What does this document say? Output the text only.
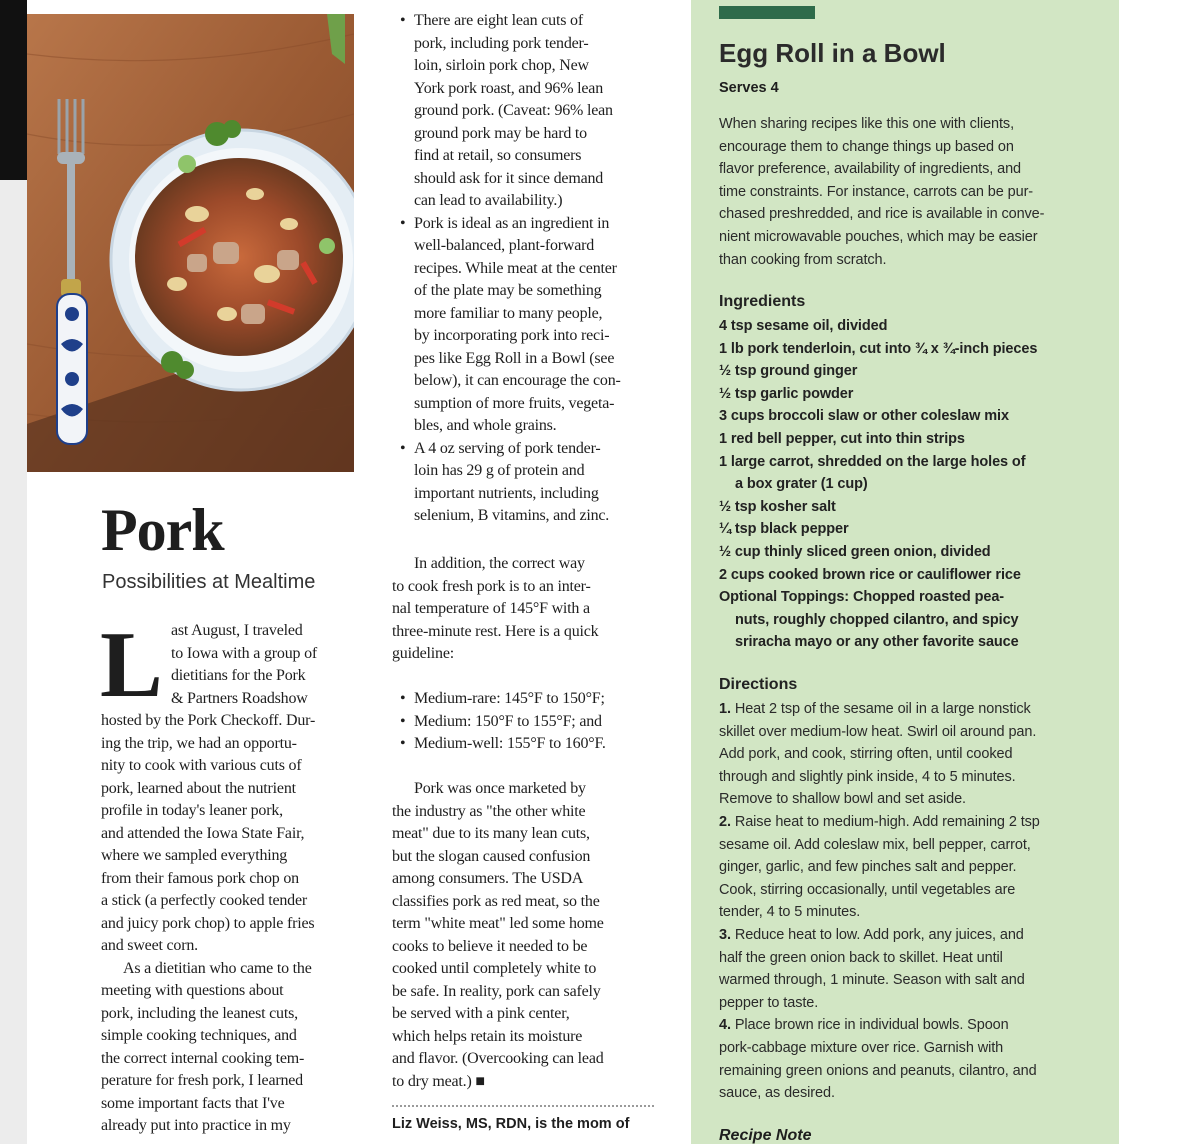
Pork

Possibilities at Mealtime

L ast August, I traveled
to Iowa with a group of
dietitians for the Pork
& Partners Roadshow
hosted by the Pork Checkoff. Dur-
ing the trip, we had an opportu-
nity to cook with various cuts of
pork, learned about the nutrient
profile in today's leaner pork,
and attended the Iowa State Fair,
where we sampled everything
from their famous pork chop on
a stick (a perfectly cooked tender
and juicy pork chop) to apple fries
and sweet corn.
As a dietitian who came to the
meeting with questions about
pork, including the leanest cuts,
simple cooking techniques, and
the correct internal cooking tem-
perature for fresh pork, I learned
some important facts that I've
already put into practice in my
• There are eight lean cuts of
pork, including pork tender-
loin, sirloin pork chop, New
York pork roast, and 96% lean
ground pork. (Caveat: 96% lean
ground pork may be hard to
find at retail, so consumers
should ask for it since demand
can lead to availability.)
• Pork is ideal as an ingredient in
well-balanced, plant-forward
recipes. While meat at the center
of the plate may be something
more familiar to many people,
by incorporating pork into reci-
pes like Egg Roll in a Bowl (see
below), it can encourage the con-
sumption of more fruits, vegeta-
bles, and whole grains.
• A 4 oz serving of pork tender-
loin has 29 g of protein and
important nutrients, including
selenium, B vitamins, and zinc.
In addition, the correct way
to cook fresh pork is to an inter-
nal temperature of 145°F with a
three-minute rest. Here is a quick
guideline:
• Medium-rare: 145°F to 150°F;
• Medium: 150°F to 155°F; and
• Medium-well: 155°F to 160°F.
Pork was once marketed by
the industry as "the other white
meat" due to its many lean cuts,
but the slogan caused confusion
among consumers. The USDA
classifies pork as red meat, so the
term "white meat" led some home
cooks to believe it needed to be
cooked until completely white to
be safe. In reality, pork can safely
be served with a pink center,
which helps retain its moisture
and flavor. (Overcooking can lead
to dry meat.) ■

Liz Weiss, MS, RDN, is the mom of

Egg Roll in a Bowl

Serves 4

When sharing recipes like this one with clients,
encourage them to change things up based on
flavor preference, availability of ingredients, and
time constraints. For instance, carrots can be pur-
chased preshredded, and rice is available in conve-
nient microwavable pouches, which may be easier
than cooking from scratch.

Ingredients

4 tsp sesame oil, divided
1 lb pork tenderloin, cut into ¾ x ¾-inch pieces
½ tsp ground ginger
½ tsp garlic powder
3 cups broccoli slaw or other coleslaw mix
1 red bell pepper, cut into thin strips
1 large carrot, shredded on the large holes of
a box grater (1 cup)
½ tsp kosher salt
¼ tsp black pepper
½ cup thinly sliced green onion, divided
2 cups cooked brown rice or cauliflower rice
Optional Toppings: Chopped roasted pea-
nuts, roughly chopped cilantro, and spicy
sriracha mayo or any other favorite sauce

Directions

1. Heat 2 tsp of the sesame oil in a large nonstick
skillet over medium-low heat. Swirl oil around pan.
Add pork, and cook, stirring often, until cooked
through and slightly pink inside, 4 to 5 minutes.
Remove to shallow bowl and set aside.
2. Raise heat to medium-high. Add remaining 2 tsp
sesame oil. Add coleslaw mix, bell pepper, carrot,
ginger, garlic, and few pinches salt and pepper.
Cook, stirring occasionally, until vegetables are
tender, 4 to 5 minutes.
3. Reduce heat to low. Add pork, any juices, and
half the green onion back to skillet. Heat until
warmed through, 1 minute. Season with salt and
pepper to taste.
4. Place brown rice in individual bowls. Spoon
pork-cabbage mixture over rice. Garnish with
remaining green onions and peanuts, cilantro, and
sauce, as desired.

Recipe Note
